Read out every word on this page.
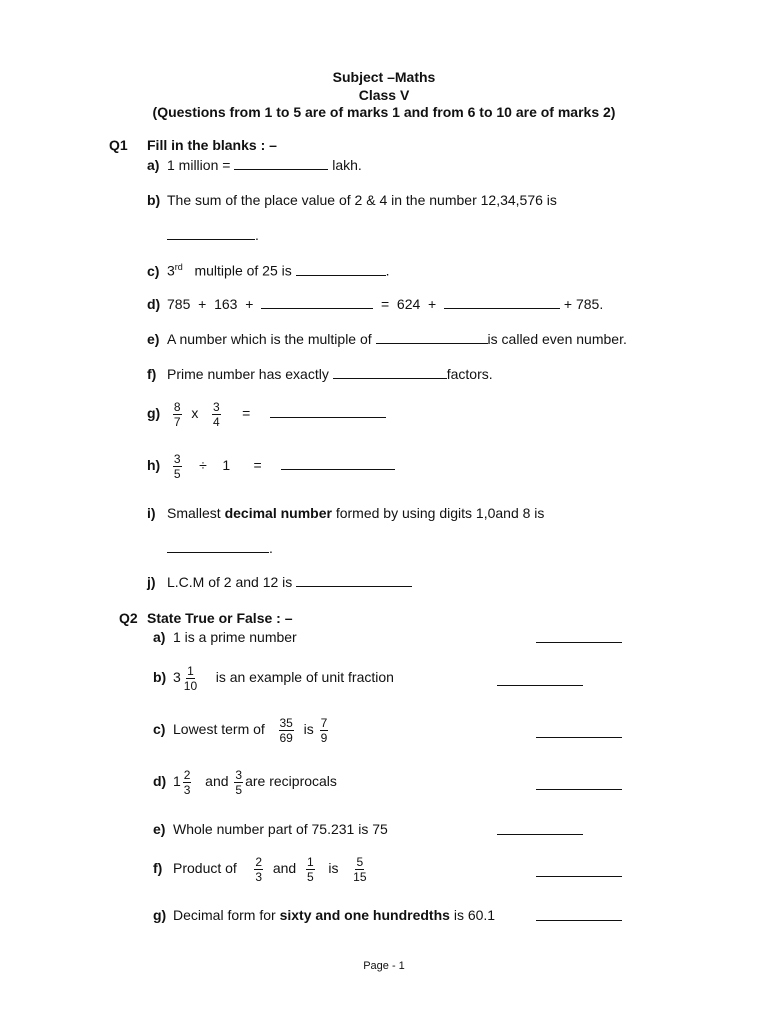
Subject –Maths
Class V
(Questions from 1 to 5 are of marks 1 and from 6 to 10 are of marks 2)
Q1 Fill in the blanks : –
a) 1 million =	lakh.
b) The sum of the place value of 2 & 4 in the number 12,34,576 is
.
c) 3rd multiple of 25 is	.
d) 785  +  163  +	=  624  +	+ 785.
e) A number which is the multiple of	is called even number.
f) Prime number has exactly	factors.
$g) \frac{8}{7}$ x $\frac{3}{4}$ =
$h) \frac{3}{5} \div 1$ =
i) Smallest decimal number formed by using digits 1,0and 8 is
.
j) L.C.M of 2 and 12 is
Q2 State True or False : –
a) 1 is a prime number
b) $3 \frac{1}{10}$ is an example of unit fraction
c) Lowest term of $\frac{35}{69}$ is $\frac{7}{9}$
d) $1 \frac{2}{3}$ and $\frac{3}{5}$ are reciprocals
e) Whole number part of 75.231 is 75
f) Product of $\frac{2}{3}$ and $\frac{1}{5}$ is $\frac{5}{15}$
g) Decimal form for sixty and one hundredths is 60.1
Page - 1
